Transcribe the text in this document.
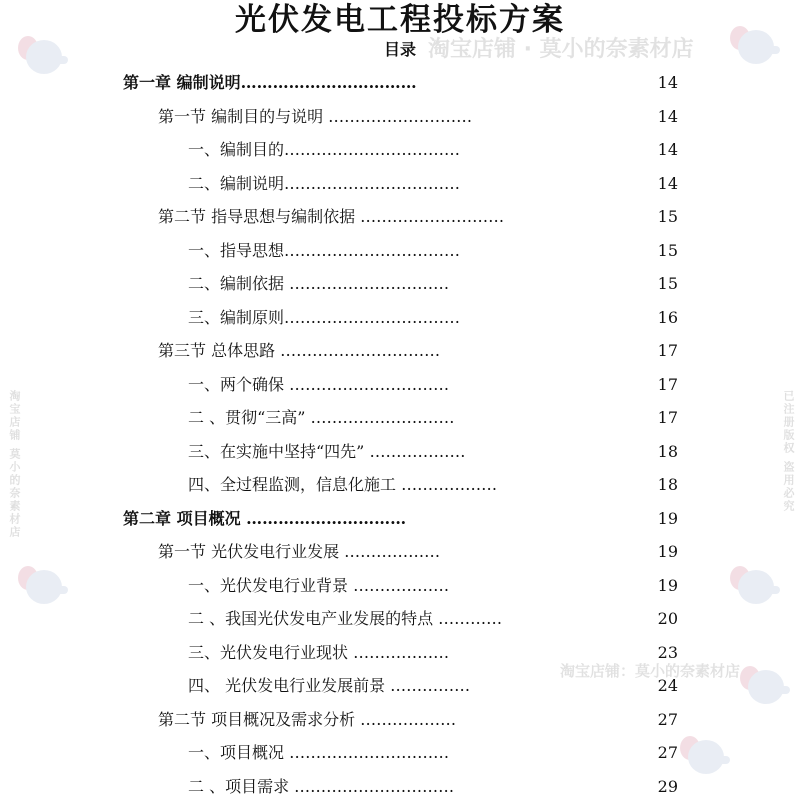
淘宝店铺 · 莫小的奈素材店
淘宝店铺：莫小的奈素材店
淘宝店铺 莫小的奈素材店	已注册版权 盗用必究
光伏发电工程投标方案
目录
第一章 编制说明……………………………	14
第一节 编制目的与说明 ………………………	14
一、编制目的……………………………	14
二、编制说明……………………………	14
第二节 指导思想与编制依据 ………………………	15
一、指导思想……………………………	15
二、编制依据 …………………………	15
三、编制原则……………………………	16
第三节 总体思路 …………………………	17
一、两个确保 …………………………	17
二 、贯彻“三高” ………………………	17
三、在实施中坚持“四先” ………………	18
四、全过程监测，信息化施工 ………………	18
第二章 项目概况 …………………………	19
第一节 光伏发电行业发展 ………………	19
一、光伏发电行业背景 ………………	19
二 、我国光伏发电产业发展的特点 …………	20
三、光伏发电行业现状 ………………	23
四、 光伏发电行业发展前景 ……………	24
第二节 项目概况及需求分析 ………………	27
一、项目概况 …………………………	27
二 、项目需求 …………………………	29
